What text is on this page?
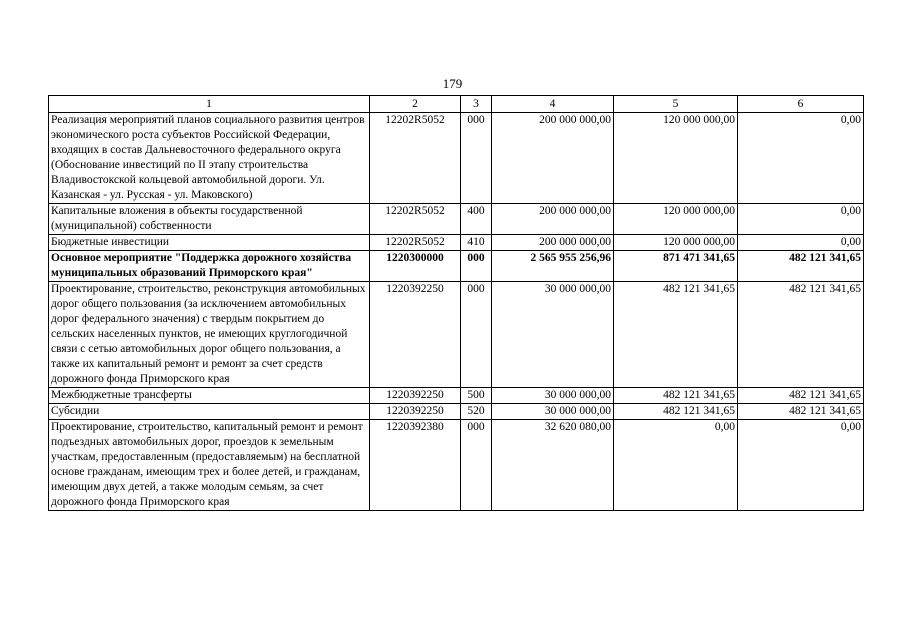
179
1	2	3	4	5	6
Реализация мероприятий планов социального развития центров экономического роста субъектов Российской Федерации, входящих в состав Дальневосточного федерального округа (Обоснование инвестиций по II этапу строительства Владивостокской кольцевой автомобильной дороги. Ул. Казанская - ул. Русская - ул. Маковского)	12202R5052	000	200 000 000,00	120 000 000,00	0,00
Капитальные вложения в объекты государственной (муниципальной) собственности	12202R5052	400	200 000 000,00	120 000 000,00	0,00
Бюджетные инвестиции	12202R5052	410	200 000 000,00	120 000 000,00	0,00
Основное мероприятие "Поддержка дорожного хозяйства муниципальных образований Приморского края"	1220300000	000	2 565 955 256,96	871 471 341,65	482 121 341,65
Проектирование, строительство, реконструкция автомобильных дорог общего пользования (за исключением автомобильных дорог федерального значения) с твердым покрытием до сельских населенных пунктов, не имеющих круглогодичной связи с сетью автомобильных дорог общего пользования, а также их капитальный ремонт и ремонт за счет средств дорожного фонда Приморского края	1220392250	000	30 000 000,00	482 121 341,65	482 121 341,65
Межбюджетные трансферты	1220392250	500	30 000 000,00	482 121 341,65	482 121 341,65
Субсидии	1220392250	520	30 000 000,00	482 121 341,65	482 121 341,65
Проектирование, строительство, капитальный ремонт и ремонт подъездных автомобильных дорог, проездов к земельным участкам, предоставленным (предоставляемым) на бесплатной основе гражданам, имеющим трех и более детей, и гражданам, имеющим двух детей, а также молодым семьям, за счет дорожного фонда Приморского края	1220392380	000	32 620 080,00	0,00	0,00
